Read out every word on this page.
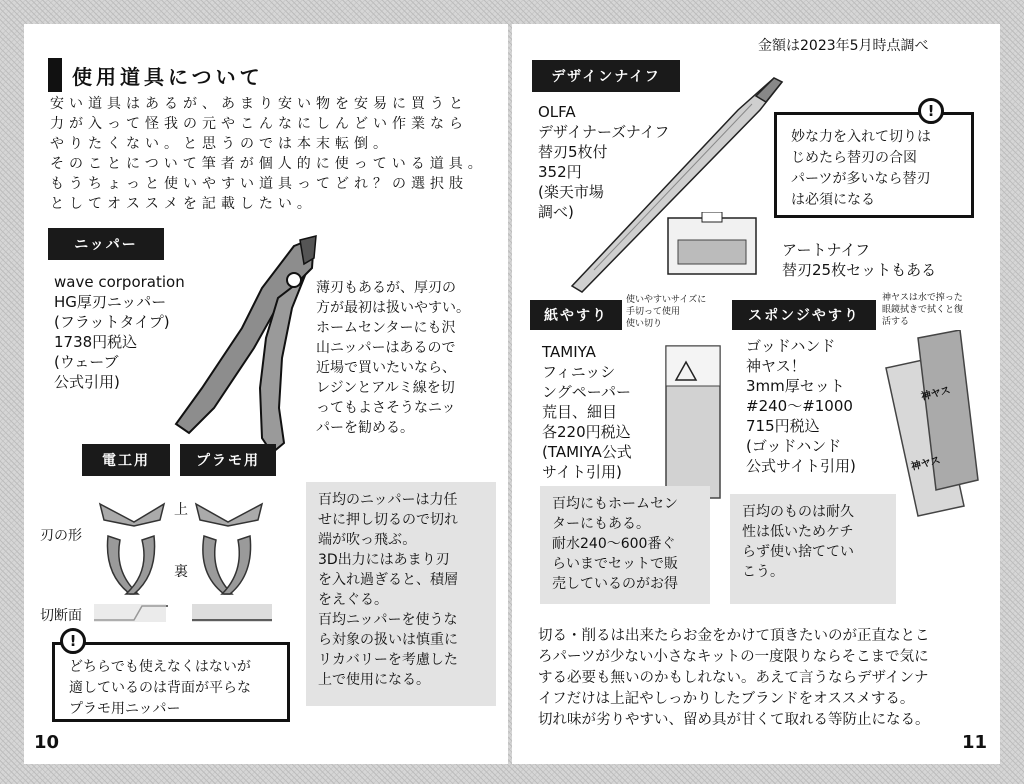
使用道具について
安い道具はあるが、あまり安い物を安易に買うと
力が入って怪我の元やこんなにしんどい作業なら
やりたくない。と思うのでは本末転倒。
そのことについて筆者が個人的に使っている道具。
もうちょっと使いやすい道具ってどれ？の選択肢
としてオススメを記載したい。
ニッパー
wave corporation
HG厚刃ニッパー
(フラットタイプ)
1738円税込
(ウェーブ
公式引用)
薄刃もあるが、厚刃の
方が最初は扱いやすい。
ホームセンターにも沢
山ニッパーはあるので
近場で買いたいなら、
レジンとアルミ線を切
ってもよさそうなニッ
パーを勧める。
電工用	プラモ用
刃の形
上
裏
切断面
百均のニッパーは力任
せに押し切るので切れ
端が吹っ飛ぶ。
3D出力にはあまり刃
を入れ過ぎると、積層
をえぐる。
百均ニッパーを使うな
ら対象の扱いは慎重に
リカバリーを考慮した
上で使用になる。
どちらでも使えなくはないが
適しているのは背面が平らな
プラモ用ニッパー
!
10
金額は2023年5月時点調べ
デザインナイフ
OLFA
デザイナーズナイフ
替刃5枚付
352円
(楽天市場
調べ)
妙な力を入れて切りは
じめたら替刃の合図
パーツが多いなら替刃
は必須になる
!
アートナイフ
替刃25枚セットもある
紙やすり
使いやすいサイズに
手切って使用
使い切り
TAMIYA
フィニッシ
ングペーパー
荒目、細目
各220円税込
(TAMIYA公式
サイト引用)
百均にもホームセン
ターにもある。
耐水240〜600番ぐ
らいまでセットで販
売しているのがお得
スポンジやすり
神ヤスは水で搾った
眼鏡拭きで拭くと復
活する
ゴッドハンド
神ヤス！
3mm厚セット
#240〜#1000
715円税込
(ゴッドハンド
公式サイト引用)
神ヤス
神ヤス
百均のものは耐久
性は低いためケチ
らず使い捨ててい
こう。
切る・削るは出来たらお金をかけて頂きたいのが正直なとこ
ろパーツが少ない小さなキットの一度限りならそこまで気に
する必要も無いのかもしれない。あえて言うならデザインナ
イフだけは上記やしっかりしたブランドをオススメする。
切れ味が劣りやすい、留め具が甘くて取れる等防止になる。
11
